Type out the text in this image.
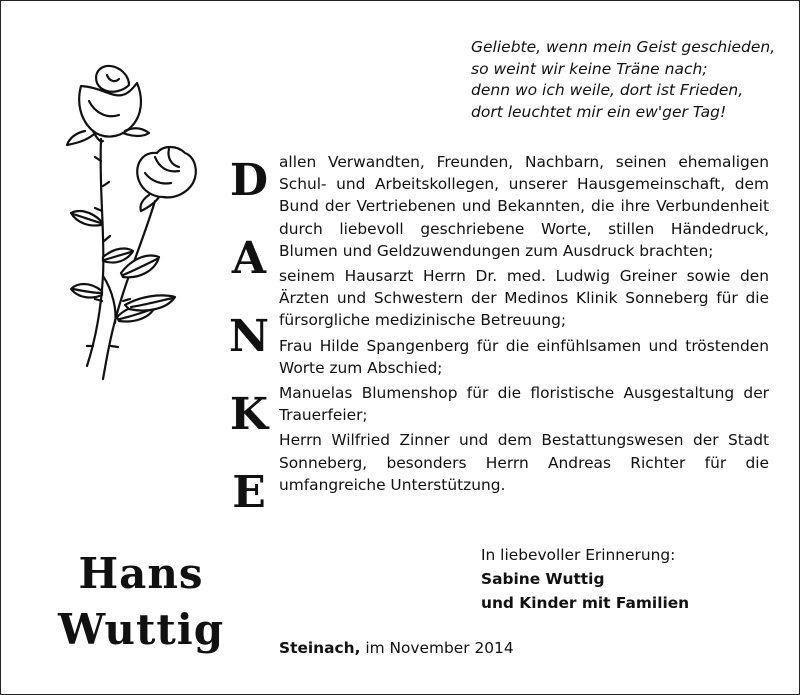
Geliebte, wenn mein Geist geschieden,
so weint wir keine Träne nach;
denn wo ich weile, dort ist Frieden,
dort leuchtet mir ein ew'ger Tag!
D
A
N
K
E

allen Verwandten, Freunden, Nachbarn, seinen ehemaligen Schul- und Arbeitskollegen, unserer Hausgemeinschaft, dem Bund der Vertriebenen und Bekannten, die ihre Verbundenheit durch liebevoll geschriebene Worte, stillen Händedruck, Blumen und Geldzuwendungen zum Ausdruck brachten;

seinem Hausarzt Herrn Dr. med. Ludwig Greiner sowie den Ärzten und Schwestern der Medinos Klinik Sonneberg für die fürsorgliche medizinische Betreuung;

Frau Hilde Spangenberg für die einfühlsamen und tröstenden Worte zum Abschied;

Manuelas Blumenshop für die floristische Ausgestaltung der Trauerfeier;

Herrn Wilfried Zinner und dem Bestattungswesen der Stadt Sonneberg, besonders Herrn Andreas Richter für die umfangreiche Unterstützung.

Hans
Wuttig
In liebevoller Erinnerung:
Sabine Wuttig
und Kinder mit Familien
Steinach, im November 2014
